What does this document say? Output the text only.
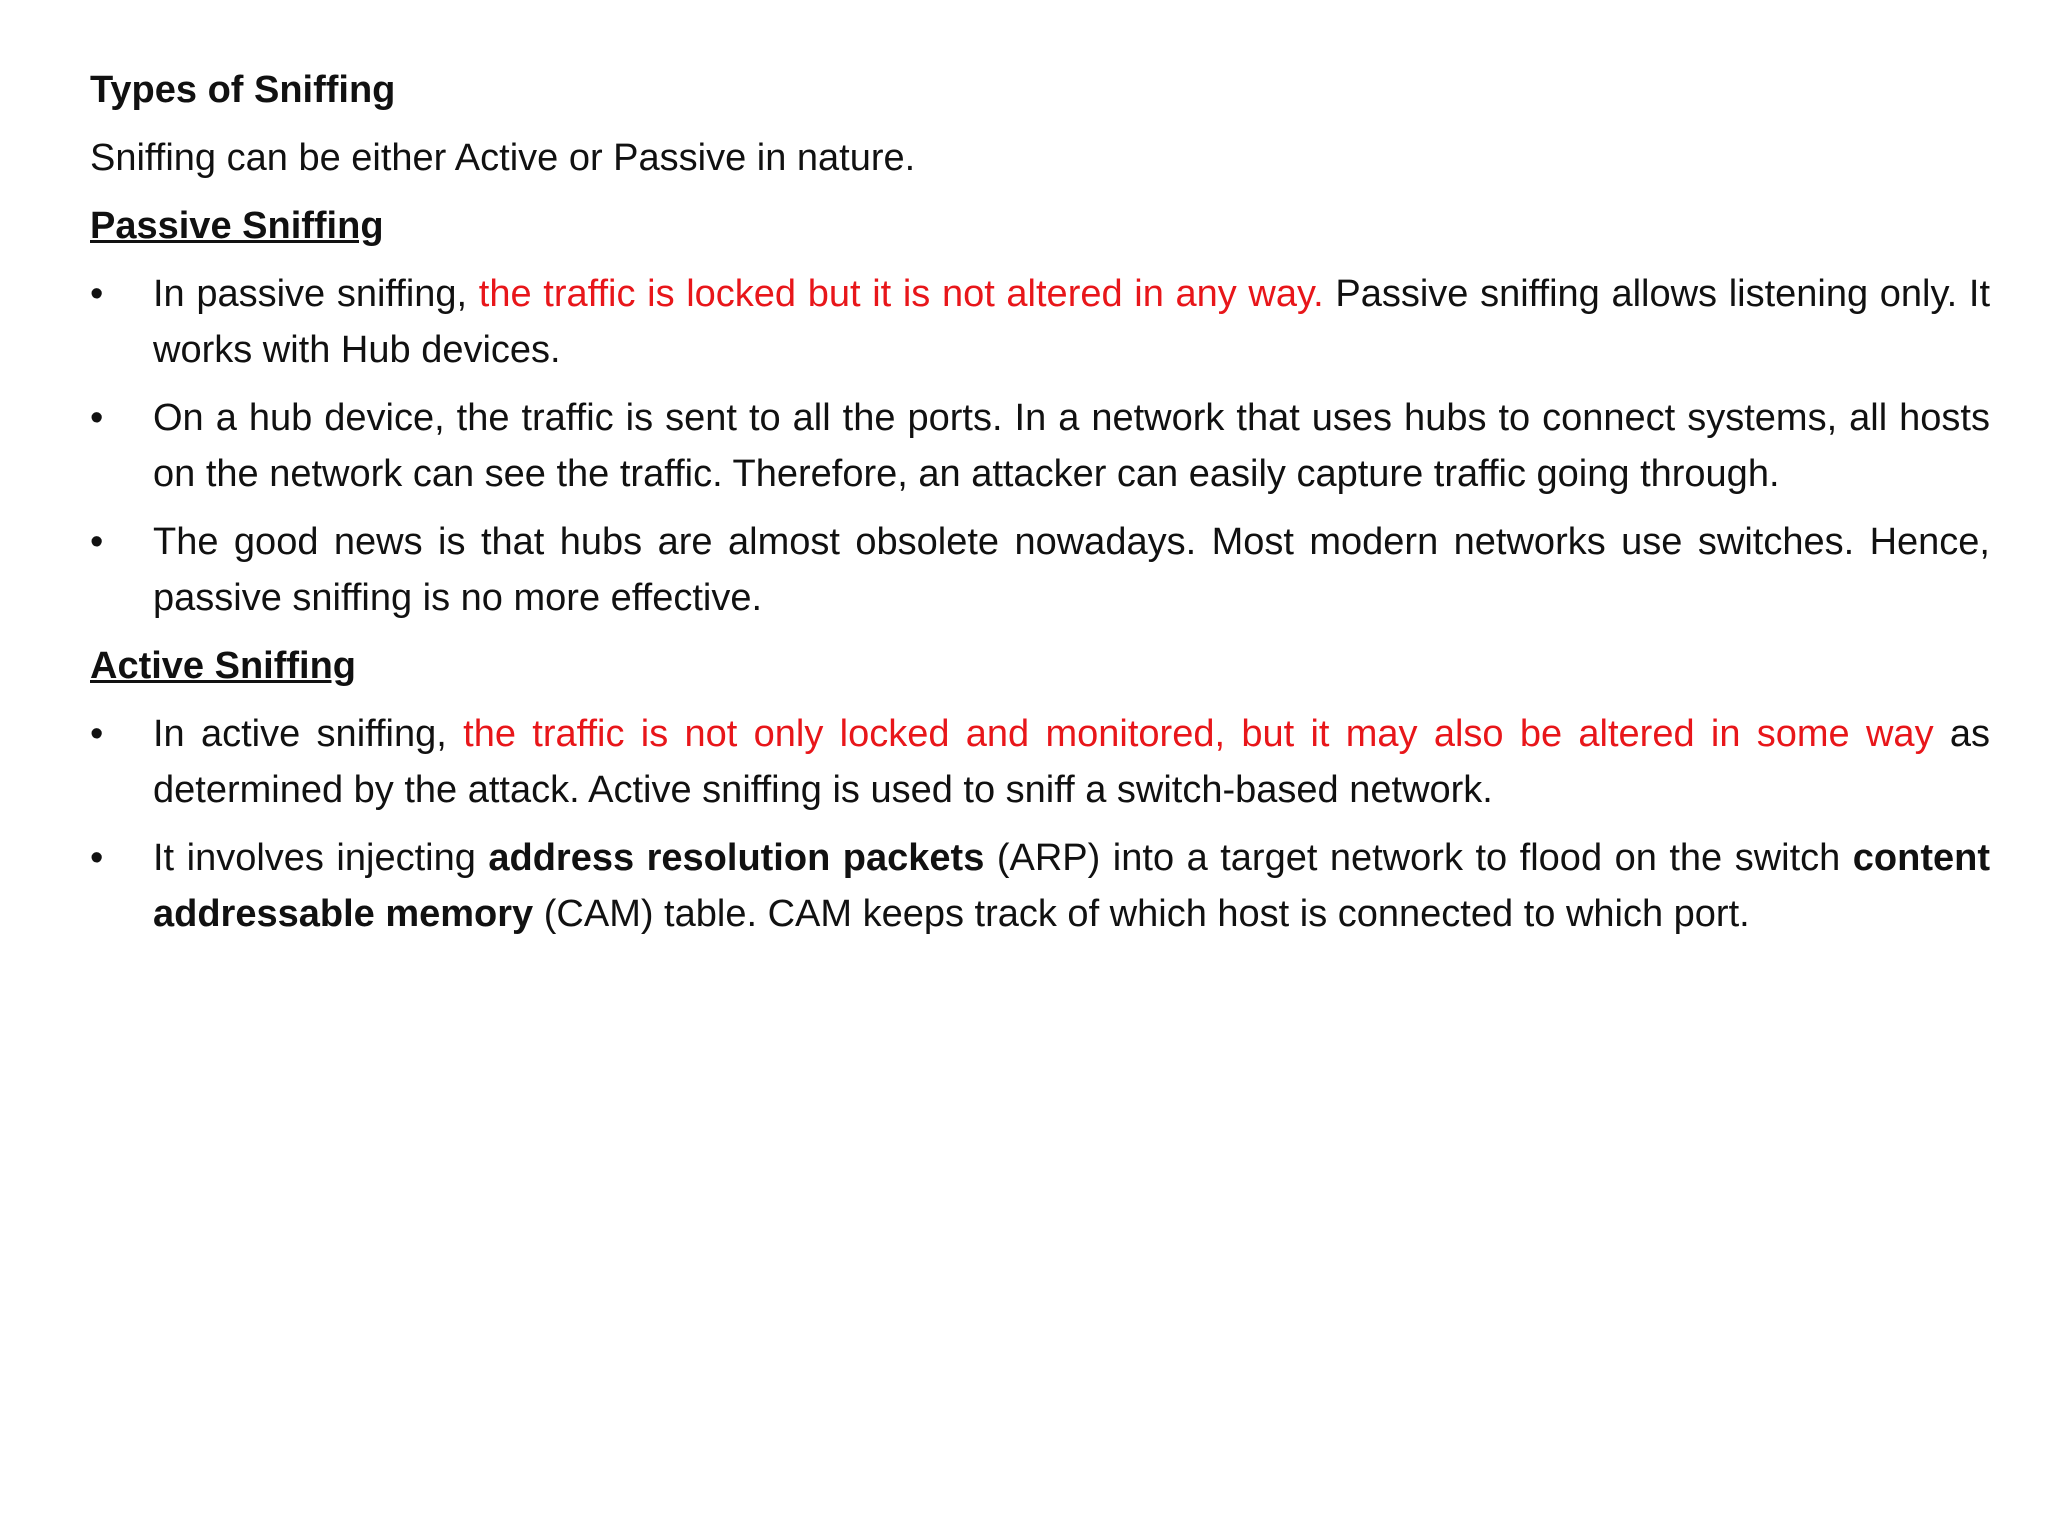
Types of Sniffing
Sniffing can be either Active or Passive in nature.
Passive Sniffing
•	In passive sniffing, the traffic is locked but it is not altered in any way. Passive sniffing allows listening only. It works with Hub devices.
•	On a hub device, the traffic is sent to all the ports. In a network that uses hubs to connect systems, all hosts on the network can see the traffic. Therefore, an attacker can easily capture traffic going through.
•	The good news is that hubs are almost obsolete nowadays. Most modern networks use switches. Hence, passive sniffing is no more effective.
Active Sniffing
•	In active sniffing, the traffic is not only locked and monitored, but it may also be altered in some way as determined by the attack. Active sniffing is used to sniff a switch-based network.
•	It involves injecting address resolution packets (ARP) into a target network to flood on the switch content addressable memory (CAM) table. CAM keeps track of which host is connected to which port.
